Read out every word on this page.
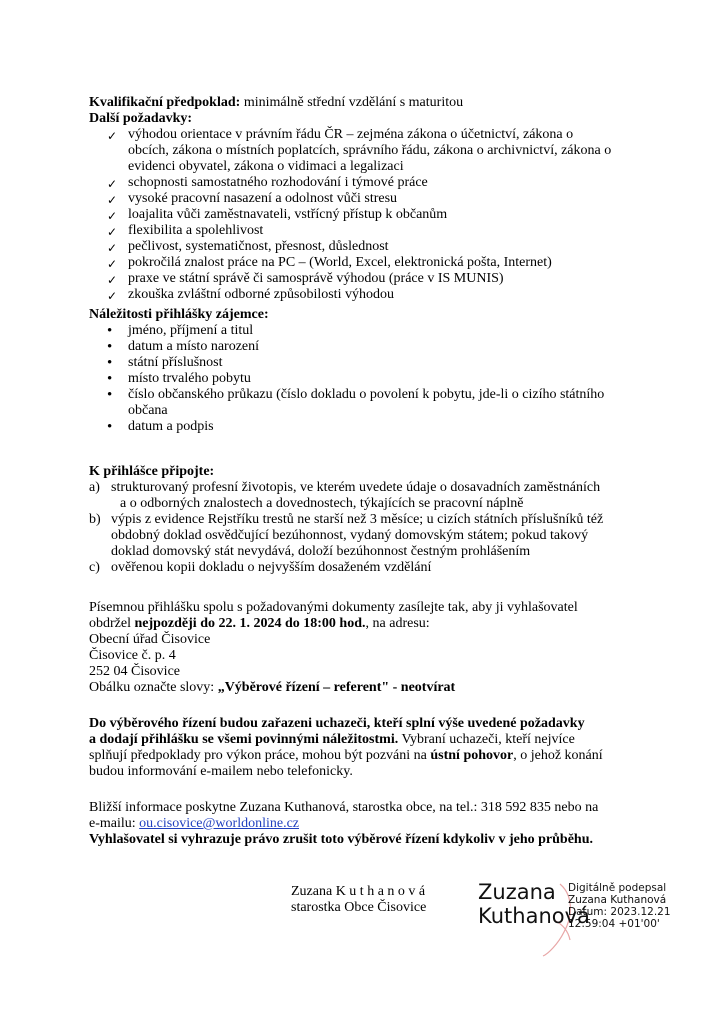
Kvalifikační předpoklad: minimálně střední vzdělání s maturitou
Další požadavky:
✓ výhodou orientace v právním řádu ČR – zejména zákona o účetnictví, zákona o
obcích, zákona o místních poplatcích, správního řádu, zákona o archivnictví, zákona o
evidenci obyvatel, zákona o vidimaci a legalizaci
✓ schopnosti samostatného rozhodování i týmové práce
✓ vysoké pracovní nasazení a odolnost vůči stresu
✓ loajalita vůči zaměstnavateli, vstřícný přístup k občanům
✓ flexibilita a spolehlivost
✓ pečlivost, systematičnost, přesnost, důslednost
✓ pokročilá znalost práce na PC – (World, Excel, elektronická pošta, Internet)
✓ praxe ve státní správě či samosprávě výhodou (práce v IS MUNIS)
✓ zkouška zvláštní odborné způsobilosti výhodou
Náležitosti přihlášky zájemce:
• jméno, příjmení a titul
• datum a místo narození
• státní příslušnost
• místo trvalého pobytu
• číslo občanského průkazu (číslo dokladu o povolení k pobytu, jde-li o cizího státního
občana
• datum a podpis
K přihlášce připojte:
a) strukturovaný profesní životopis, ve kterém uvedete údaje o dosavadních zaměstnáních
a o odborných znalostech a dovednostech, týkajících se pracovní náplně
b) výpis z evidence Rejstříku trestů ne starší než 3 měsíce; u cizích státních příslušníků též
obdobný doklad osvědčující bezúhonnost, vydaný domovským státem; pokud takový
doklad domovský stát nevydává, doloží bezúhonnost čestným prohlášením
c) ověřenou kopii dokladu o nejvyšším dosaženém vzdělání
Písemnou přihlášku spolu s požadovanými dokumenty zasílejte tak, aby ji vyhlašovatel
obdržel nejpozději do 22. 1. 2024 do 18:00 hod., na adresu:
Obecní úřad Čisovice
Čisovice č. p. 4
252 04 Čisovice
Obálku označte slovy: „Výběrové řízení – referent" - neotvírat
Do výběrového řízení budou zařazeni uchazeči, kteří splní výše uvedené požadavky
a dodají přihlášku se všemi povinnými náležitostmi. Vybraní uchazeči, kteří nejvíce
splňují předpoklady pro výkon práce, mohou být pozváni na ústní pohovor, o jehož konání
budou informování e-mailem nebo telefonicky.
Bližší informace poskytne Zuzana Kuthanová, starostka obce, na tel.: 318 592 835 nebo na
e-mailu: ou.cisovice@worldonline.cz
Vyhlašovatel si vyhrazuje právo zrušit toto výběrové řízení kdykoliv v jeho průběhu.
Zuzana K u t h a n o v á
starostka Obce Čisovice
Zuzana
Kuthanová
Digitálně podepsal
Zuzana Kuthanová
Datum: 2023.12.21
12:59:04 +01'00'
